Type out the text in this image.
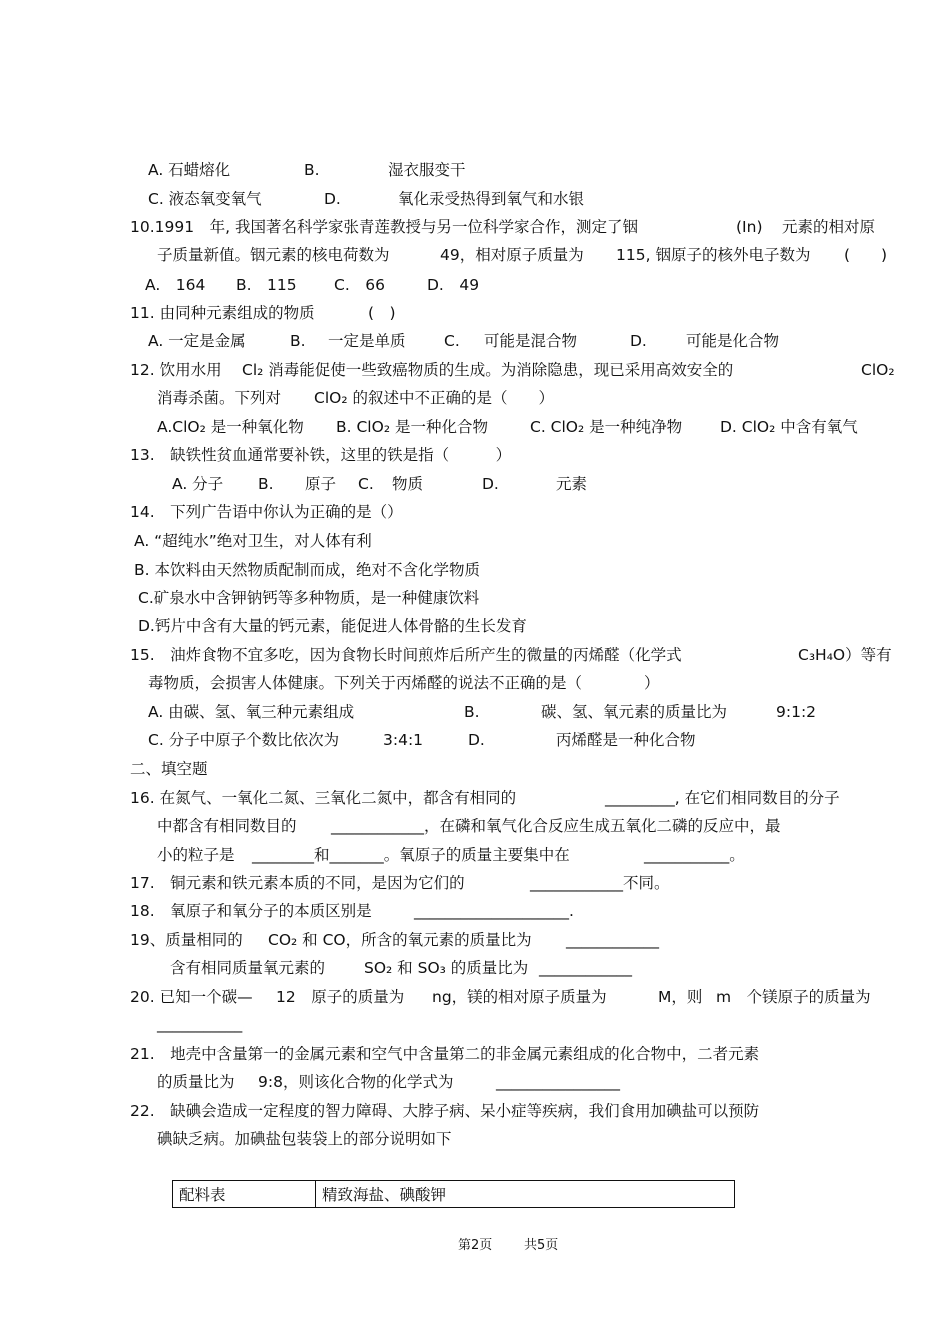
A. 石蜡熔化	B.	湿衣服变干
C. 液态氧变氧气	D.	氧化汞受热得到氧气和水银
10.1991　年, 我国著名科学家张青莲教授与另一位科学家合作，测定了铟	(In) 元素的相对原
子质量新值。铟元素的核电荷数为	49，相对原子质量为 115, 铟原子的核外电子数为 (　　)
A.　164 B.　115 C.　66	D.　49
11. 由同种元素组成的物质	(　)
A. 一定是金属	B. 一定是单质 C. 可能是混合物	D.	可能是化合物
12. 饮用水用 Cl₂ 消毒能促使一些致癌物质的生成。为消除隐患，现已采用高效安全的	ClO₂
消毒杀菌。下列对 ClO₂ 的叙述中不正确的是（　　）
A.ClO₂ 是一种氧化物 B. ClO₂ 是一种化合物	C. ClO₂ 是一种纯净物 D. ClO₂ 中含有氧气
13.　缺铁性贫血通常要补铁，这里的铁是指（　　　）
A. 分子 B. 原子 C. 物质	D.	元素
14.　下列广告语中你认为正确的是（）
A. “超纯水”绝对卫生，对人体有利
B. 本饮料由天然物质配制而成，绝对不含化学物质
C.矿泉水中含钾钠钙等多种物质，是一种健康饮料
D.钙片中含有大量的钙元素，能促进人体骨骼的生长发育
15.　油炸食物不宜多吃，因为食物长时间煎炸后所产生的微量的丙烯醛（化学式	C₃H₄O）等有
毒物质，会损害人体健康。下列关于丙烯醛的说法不正确的是（　　　　）
A. 由碳、氢、氧三种元素组成	B.	碳、氢、氧元素的质量比为	9:1:2
C. 分子中原子个数比依次为	3:4:1	D.	丙烯醛是一种化合物
二、填空题
16. 在氮气、一氧化二氮、三氧化二氮中，都含有相同的	_________, 在它们相同数目的分子
中都含有相同数目的 ____________，在磷和氧气化合反应生成五氧化二磷的反应中，最
小的粒子是 ________和_______。氧原子的质量主要集中在	___________。
17.　铜元素和铁元素本质的不同，是因为它们的	____________不同。
18.　氧原子和氧分子的本质区别是	____________________.
19、质量相同的 CO₂ 和 CO，所含的氧元素的质量比为 ____________
含有相同质量氧元素的	SO₂ 和 SO₃ 的质量比为 ____________
20. 已知一个碳— 12　原子的质量为 ng，镁的相对原子质量为	M，则 m　个镁原子的质量为
___________
21.　地壳中含量第一的金属元素和空气中含量第二的非金属元素组成的化合物中，二者元素
的质量比为 9:8，则该化合物的化学式为	________________
22.　缺碘会造成一定程度的智力障碍、大脖子病、呆小症等疾病，我们食用加碘盐可以预防
碘缺乏病。加碘盐包装袋上的部分说明如下
配料表	精致海盐、碘酸钾
第2页 共5页
